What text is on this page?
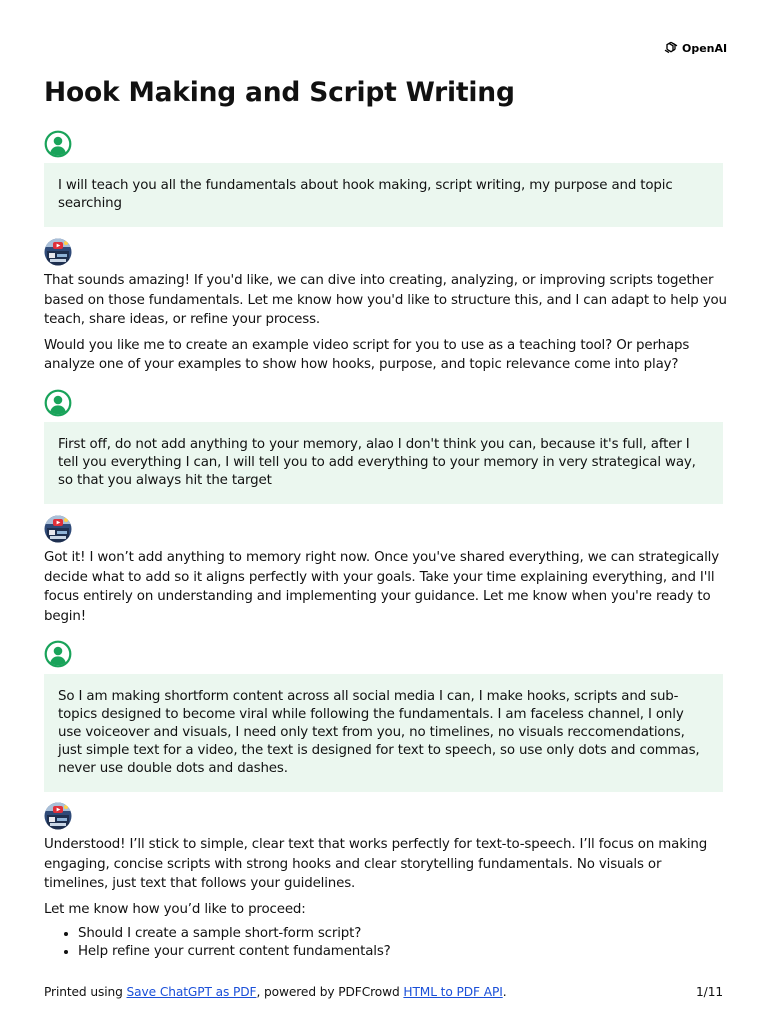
OpenAI
Hook Making and Script Writing

I will teach you all the fundamentals about hook making, script writing, my purpose and topic searching

That sounds amazing! If you'd like, we can dive into creating, analyzing, or improving scripts together based on those fundamentals. Let me know how you'd like to structure this, and I can adapt to help you teach, share ideas, or refine your process.

Would you like me to create an example video script for you to use as a teaching tool? Or perhaps analyze one of your examples to show how hooks, purpose, and topic relevance come into play?

First off, do not add anything to your memory, alao I don't think you can, because it's full, after I tell you everything I can, I will tell you to add everything to your memory in very strategical way, so that you always hit the target

Got it! I won’t add anything to memory right now. Once you've shared everything, we can strategically decide what to add so it aligns perfectly with your goals. Take your time explaining everything, and I'll focus entirely on understanding and implementing your guidance. Let me know when you're ready to begin!

So I am making shortform content across all social media I can, I make hooks, scripts and sub-topics designed to become viral while following the fundamentals. I am faceless channel, I only use voiceover and visuals, I need only text from you, no timelines, no visuals reccomendations, just simple text for a video, the text is designed for text to speech, so use only dots and commas, never use double dots and dashes.

Understood! I’ll stick to simple, clear text that works perfectly for text-to-speech. I’ll focus on making engaging, concise scripts with strong hooks and clear storytelling fundamentals. No visuals or timelines, just text that follows your guidelines.

Let me know how you’d like to proceed:

• Should I create a sample short-form script?
• Help refine your current content fundamentals?
Printed using Save ChatGPT as PDF, powered by PDFCrowd HTML to PDF API.	1/11
